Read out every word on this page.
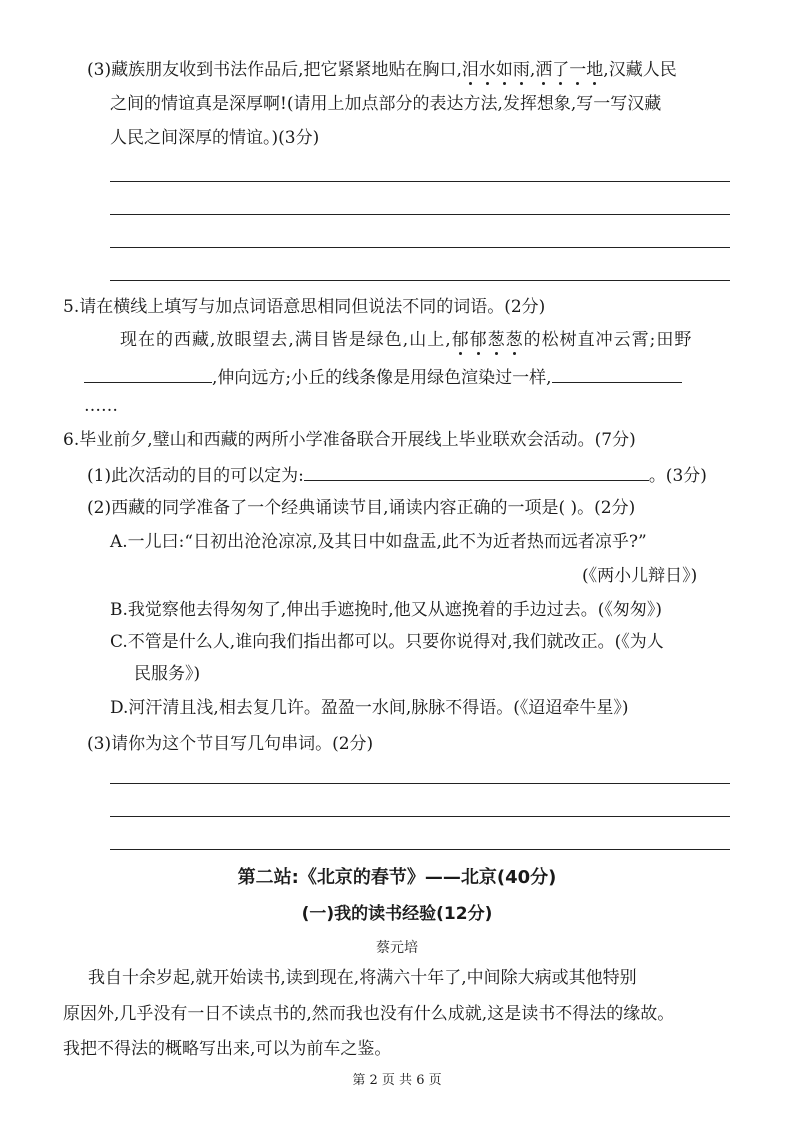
(3)藏族朋友收到书法作品后,把它紧紧地贴在胸口,泪水如雨,洒了一地,汉藏人民
之间的情谊真是深厚啊!(请用上加点部分的表达方法,发挥想象,写一写汉藏
人民之间深厚的情谊。)(3分)
5.请在横线上填写与加点词语意思相同但说法不同的词语。(2分)
现在的西藏,放眼望去,满目皆是绿色,山上,郁郁葱葱的松树直冲云霄;田野
,伸向远方;小丘的线条像是用绿色渲染过一样,
……
6.毕业前夕,璧山和西藏的两所小学准备联合开展线上毕业联欢会活动。(7分)
(1)此次活动的目的可以定为:	。(3分)
(2)西藏的同学准备了一个经典诵读节目,诵读内容正确的一项是( )。(2分)
A.一儿曰:“日初出沧沧凉凉,及其日中如盘盂,此不为近者热而远者凉乎?”
(《两小儿辩日》)
B.我觉察他去得匆匆了,伸出手遮挽时,他又从遮挽着的手边过去。(《匆匆》)
C.不管是什么人,谁向我们指出都可以。只要你说得对,我们就改正。(《为人
民服务》)
D.河汗清且浅,相去复几许。盈盈一水间,脉脉不得语。(《迢迢牵牛星》)
(3)请你为这个节目写几句串词。(2分)
第二站:《北京的春节》——北京(40分)
(一)我的读书经验(12分)
蔡元培
我自十余岁起,就开始读书,读到现在,将满六十年了,中间除大病或其他特别
原因外,几乎没有一日不读点书的,然而我也没有什么成就,这是读书不得法的缘故。
我把不得法的概略写出来,可以为前车之鉴。
第 2 页 共 6 页
